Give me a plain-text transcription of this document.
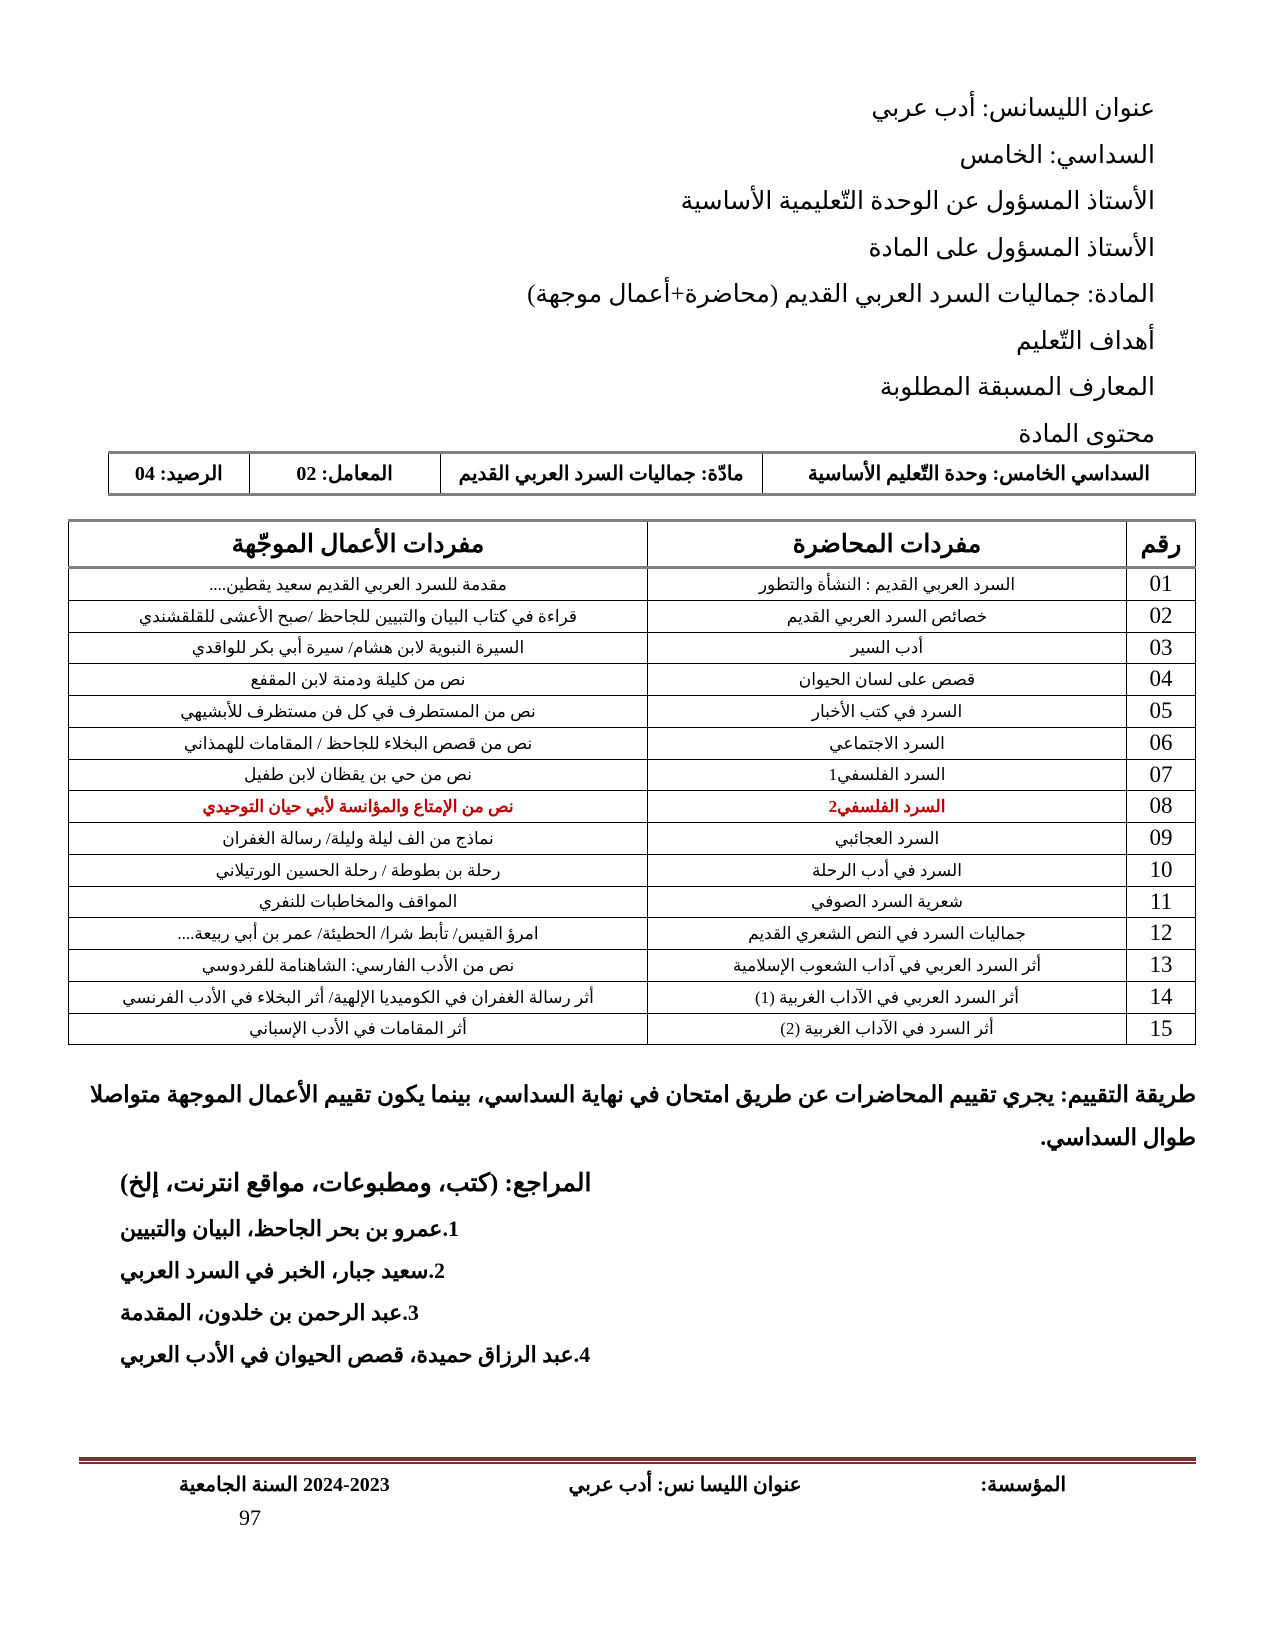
عنوان الليسانس: أدب عربي
السداسي: الخامس
الأستاذ المسؤول عن الوحدة التّعليمية الأساسية
الأستاذ المسؤول على المادة
المادة: جماليات السرد العربي القديم (محاضرة+أعمال موجهة)
أهداف التّعليم
المعارف المسبقة المطلوبة
محتوى المادة
السداسي الخامس: وحدة التّعليم الأساسية	مادّة: جماليات السرد العربي القديم	المعامل: 02	الرصيد: 04
رقم	مفردات المحاضرة	مفردات الأعمال الموجّهة
01	السرد العربي القديم : النشأة والتطور	مقدمة للسرد العربي القديم سعيد يقطين....
02	خصائص السرد العربي القديم	قراءة في كتاب البيان والتبيين للجاحظ /صبح الأعشى للقلقشندي
03	أدب السير	السيرة النبوية لابن هشام/ سيرة أبي بكر للواقدي
04	قصص على لسان الحيوان	نص من كليلة ودمنة لابن المقفع
05	السرد في كتب الأخبار	نص من المستطرف في كل فن مستظرف للأبشيهي
06	السرد الاجتماعي	نص من قصص البخلاء للجاحظ / المقامات للهمذاني
07	السرد الفلسفي1	نص من حي بن يقظان لابن طفيل
08	السرد الفلسفي2	نص من الإمتاع والمؤانسة لأبي حيان التوحيدي
09	السرد العجائبي	نماذج من الف ليلة وليلة/ رسالة الغفران
10	السرد في أدب الرحلة	رحلة بن بطوطة / رحلة الحسين الورتيلاني
11	شعرية السرد الصوفي	المواقف والمخاطبات للنفري
12	جماليات السرد في النص الشعري القديم	امرؤ القيس/ تأبط شرا/ الحطيئة/ عمر بن أبي ربيعة....
13	أثر السرد العربي في آداب الشعوب الإسلامية	نص من الأدب الفارسي: الشاهنامة للفردوسي
14	أثر السرد العربي في الآداب الغربية (1)	أثر رسالة الغفران في الكوميديا الإلهية/ أثر البخلاء في الأدب الفرنسي
15	أثر السرد في الآداب الغربية (2)	أثر المقامات في الأدب الإسباني
طريقة التقييم: يجري تقييم المحاضرات عن طريق امتحان في نهاية السداسي، بينما يكون تقييم الأعمال الموجهة متواصلا
طوال السداسي.
المراجع: (كتب، ومطبوعات، مواقع انترنت، إلخ)
.1عمرو بن بحر الجاحظ، البيان والتبيين
.2سعيد جبار، الخبر في السرد العربي
.3عبد الرحمن بن خلدون، المقدمة
.4عبد الرزاق حميدة، قصص الحيوان في الأدب العربي
المؤسسة:
عنوان الليسا نس: أدب عربي
2024-2023 السنة الجامعية
97
